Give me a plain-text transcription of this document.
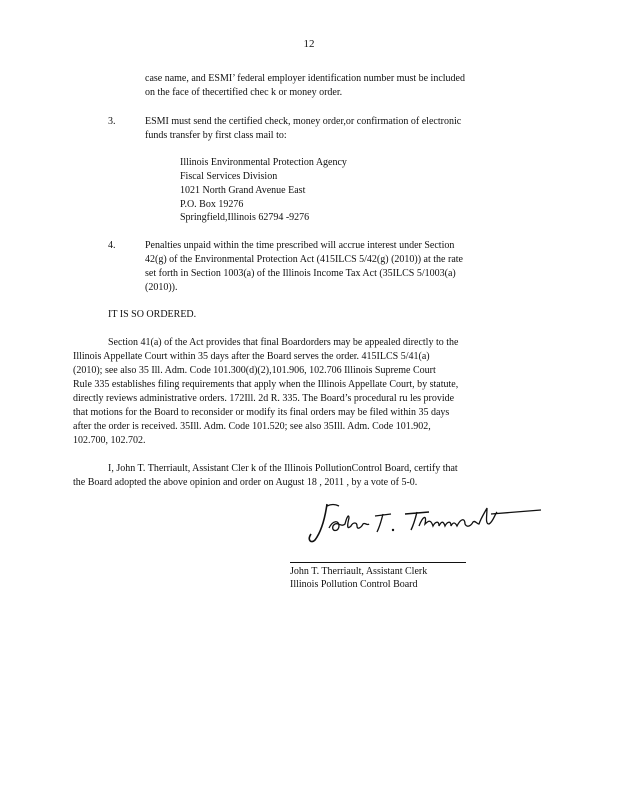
12
case name, and ESMI’ federal employer identification number must be included
on the face of thecertified chec k or money order.
3.	ESMI must send the certified check, money order,or confirmation of electronic
funds transfer by first class mail to:
Illinois Environmental Protection Agency
Fiscal Services Division
1021 North Grand Avenue East
P.O. Box 19276
Springfield,Illinois 62794 -9276
4.	Penalties unpaid within the time prescribed will accrue interest under Section
42(g) of the Environmental Protection Act (415ILCS 5/42(g) (2010)) at the rate
set forth in Section 1003(a) of the Illinois Income Tax Act (35ILCS 5/1003(a)
(2010)).
IT IS SO ORDERED.
Section 41(a) of the Act provides that final Boardorders may be appealed directly to the
Illinois Appellate Court within 35 days after the Board serves the order. 415ILCS 5/41(a)
(2010); see also 35 Ill. Adm. Code 101.300(d)(2),101.906, 102.706 Illinois Supreme Court
Rule 335 establishes filing requirements that apply when the Illinois Appellate Court, by statute,
directly reviews administrative orders. 172Ill. 2d R. 335. The Board’s procedural ru les provide
that motions for the Board to reconsider or modify its final orders may be filed within 35 days
after the order is received. 35Ill. Adm. Code 101.520; see also 35Ill. Adm. Code 101.902,
102.700, 102.702.
I, John T. Therriault, Assistant Cler k of the Illinois PollutionControl Board, certify that
the Board adopted the above opinion and order on August 18 , 2011 , by a vote of 5-0.
John T. Therriault, Assistant Clerk
Illinois Pollution Control Board
